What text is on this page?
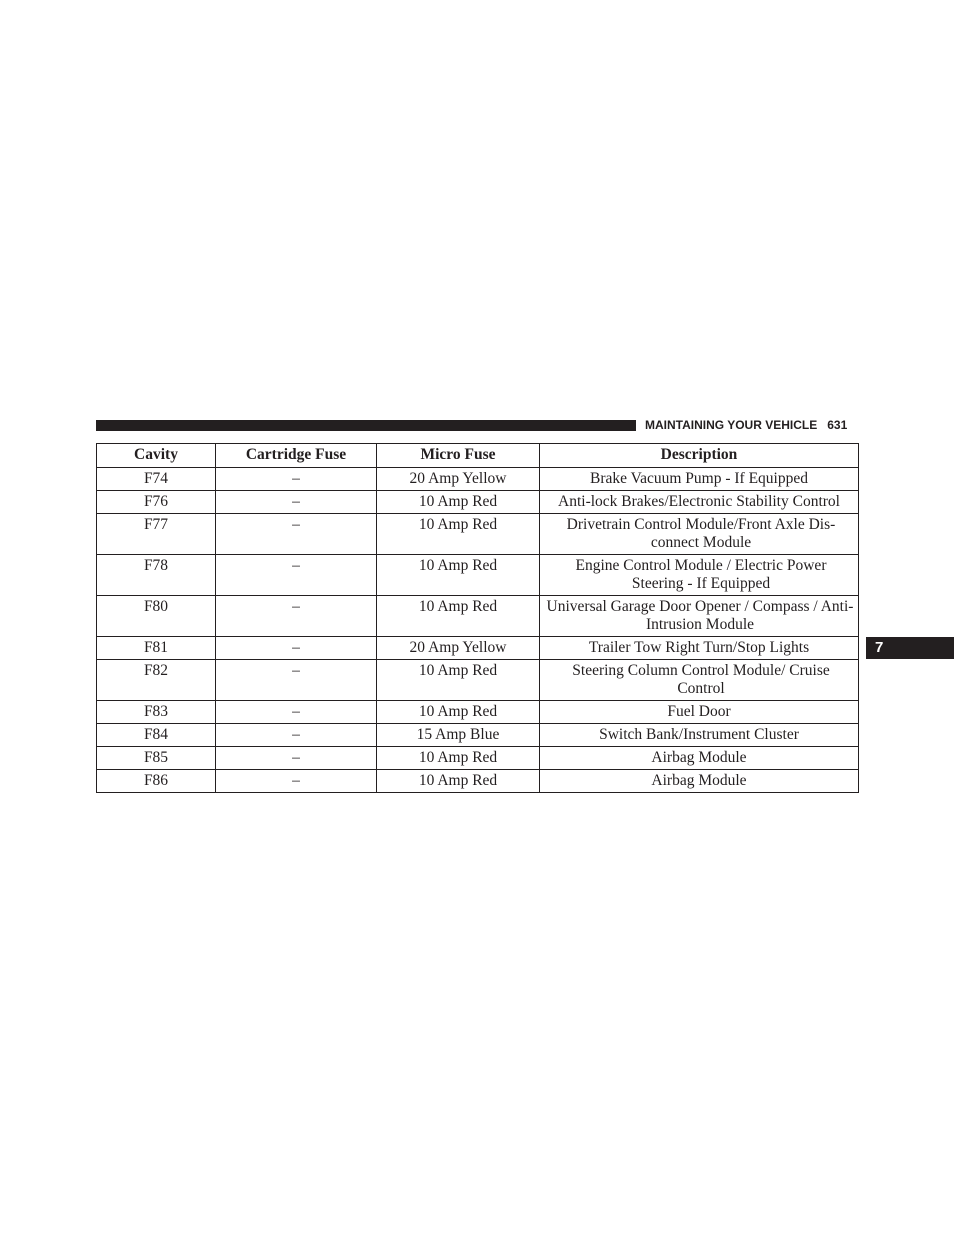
MAINTAINING YOUR VEHICLE 631
Cavity	Cartridge Fuse	Micro Fuse	Description
F74	–	20 Amp Yellow	Brake Vacuum Pump - If Equipped
F76	–	10 Amp Red	Anti-lock Brakes/Electronic Stability Control
F77	–	10 Amp Red	Drivetrain Control Module/Front Axle Dis-connect Module
F78	–	10 Amp Red	Engine Control Module / Electric Power Steering - If Equipped
F80	–	10 Amp Red	Universal Garage Door Opener / Compass / Anti-Intrusion Module
F81	–	20 Amp Yellow	Trailer Tow Right Turn/Stop Lights
F82	–	10 Amp Red	Steering Column Control Module/ Cruise Control
F83	–	10 Amp Red	Fuel Door
F84	–	15 Amp Blue	Switch Bank/Instrument Cluster
F85	–	10 Amp Red	Airbag Module
F86	–	10 Amp Red	Airbag Module
7
